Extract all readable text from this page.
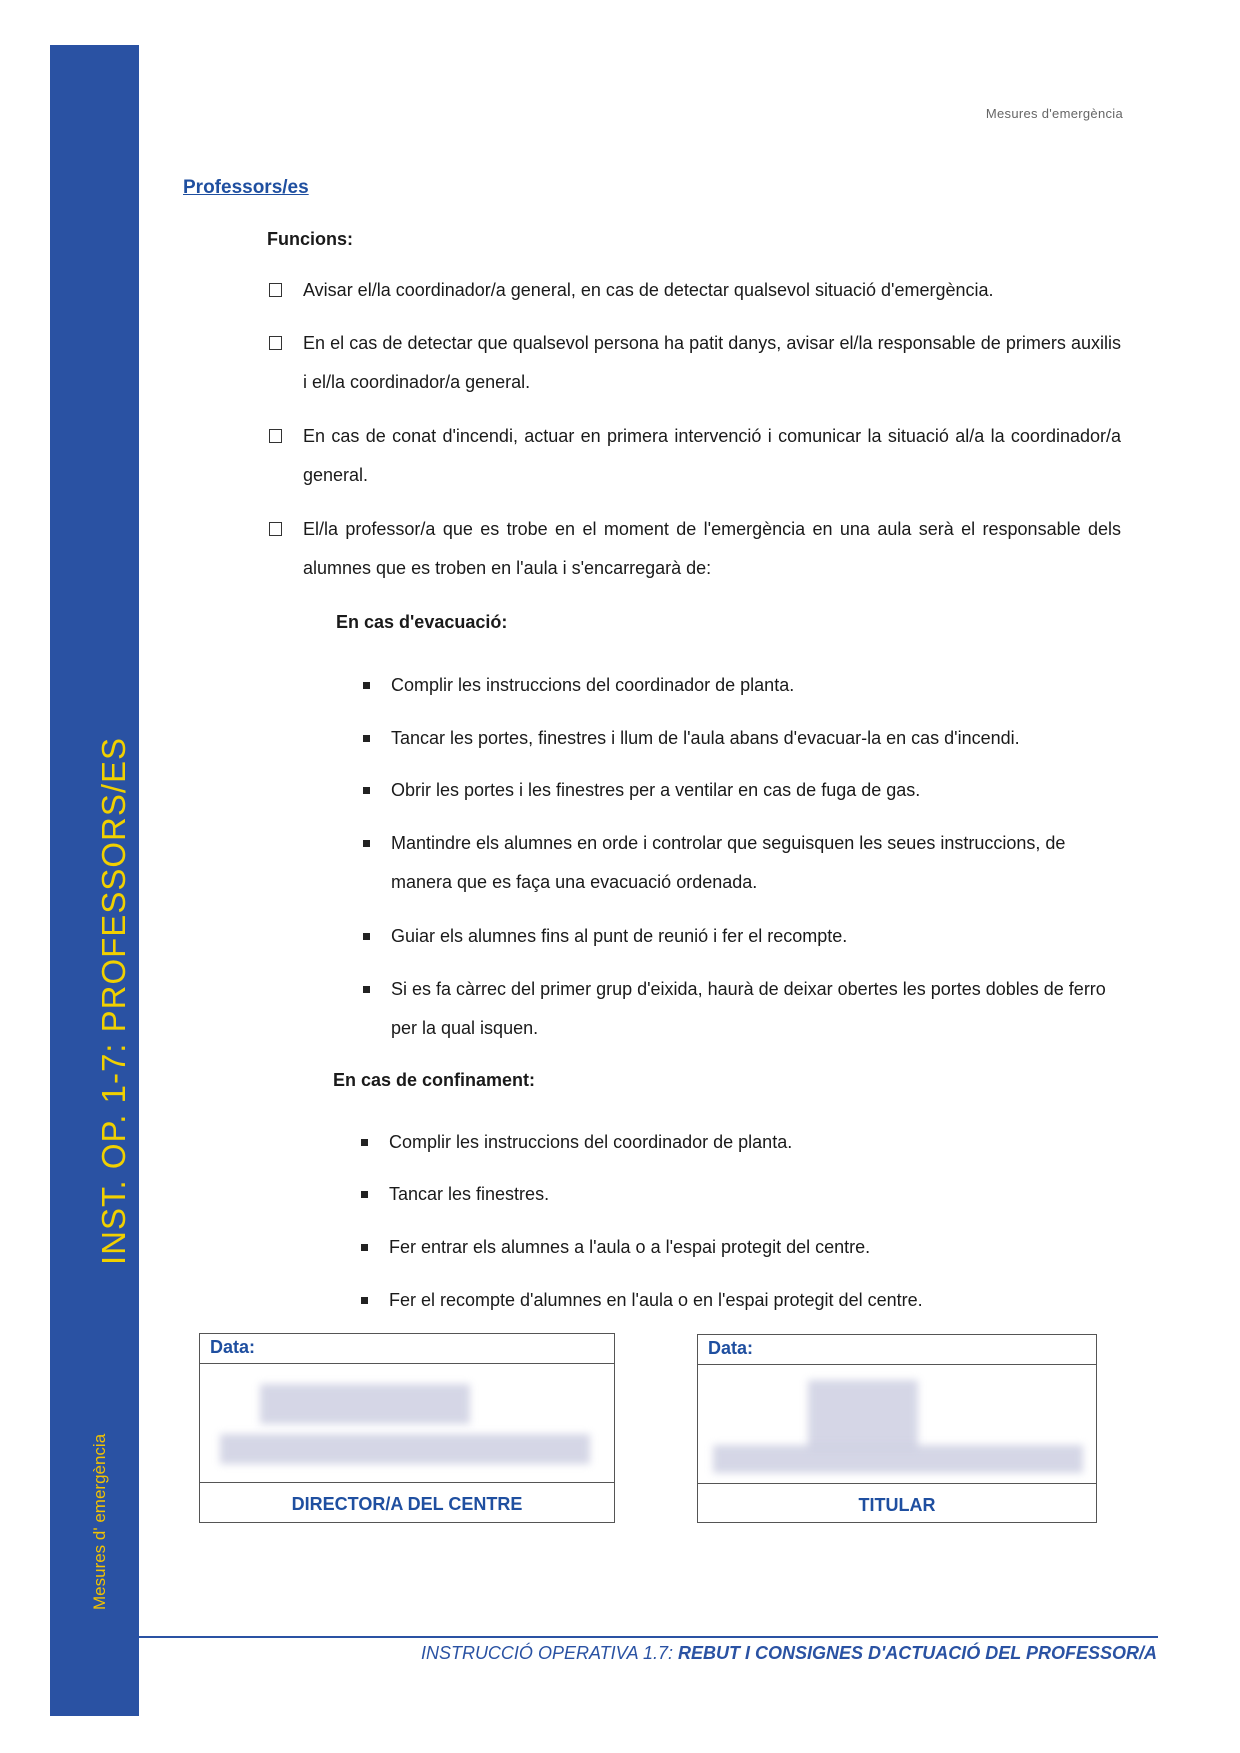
INST. OP. 1-7: PROFESSORS/ES
Mesures d' emergència
Mesures d'emergència
Professors/es
Funcions:
Avisar el/la coordinador/a general, en cas de detectar qualsevol situació d'emergència.
En el cas de detectar que qualsevol persona ha patit danys, avisar el/la responsable de primers auxilis i el/la coordinador/a general.
En cas de conat d'incendi, actuar en primera intervenció i comunicar la situació al/a la coordinador/a general.
El/la professor/a que es trobe en el moment de l'emergència en una aula serà el responsable dels alumnes que es troben en l'aula i s'encarregarà de:
En cas d'evacuació:
Complir les instruccions del coordinador de planta.
Tancar les portes, finestres i llum de l'aula abans d'evacuar-la en cas d'incendi.
Obrir les portes i les finestres per a ventilar en cas de fuga de gas.
Mantindre els alumnes en orde i controlar que seguisquen les seues instruccions, de manera que es faça una evacuació ordenada.
Guiar els alumnes fins al punt de reunió i fer el recompte.
Si es fa càrrec del primer grup d'eixida, haurà de deixar obertes les portes dobles de ferro per la qual isquen.
En cas de confinament:
Complir les instruccions del coordinador de planta.
Tancar les finestres.
Fer entrar els alumnes a l'aula o a l'espai protegit del centre.
Fer el recompte d'alumnes en l'aula o en l'espai protegit del centre.
Data:
DIRECTOR/A DEL CENTRE
Data:
TITULAR
INSTRUCCIÓ OPERATIVA 1.7: REBUT I CONSIGNES D'ACTUACIÓ DEL PROFESSOR/A
